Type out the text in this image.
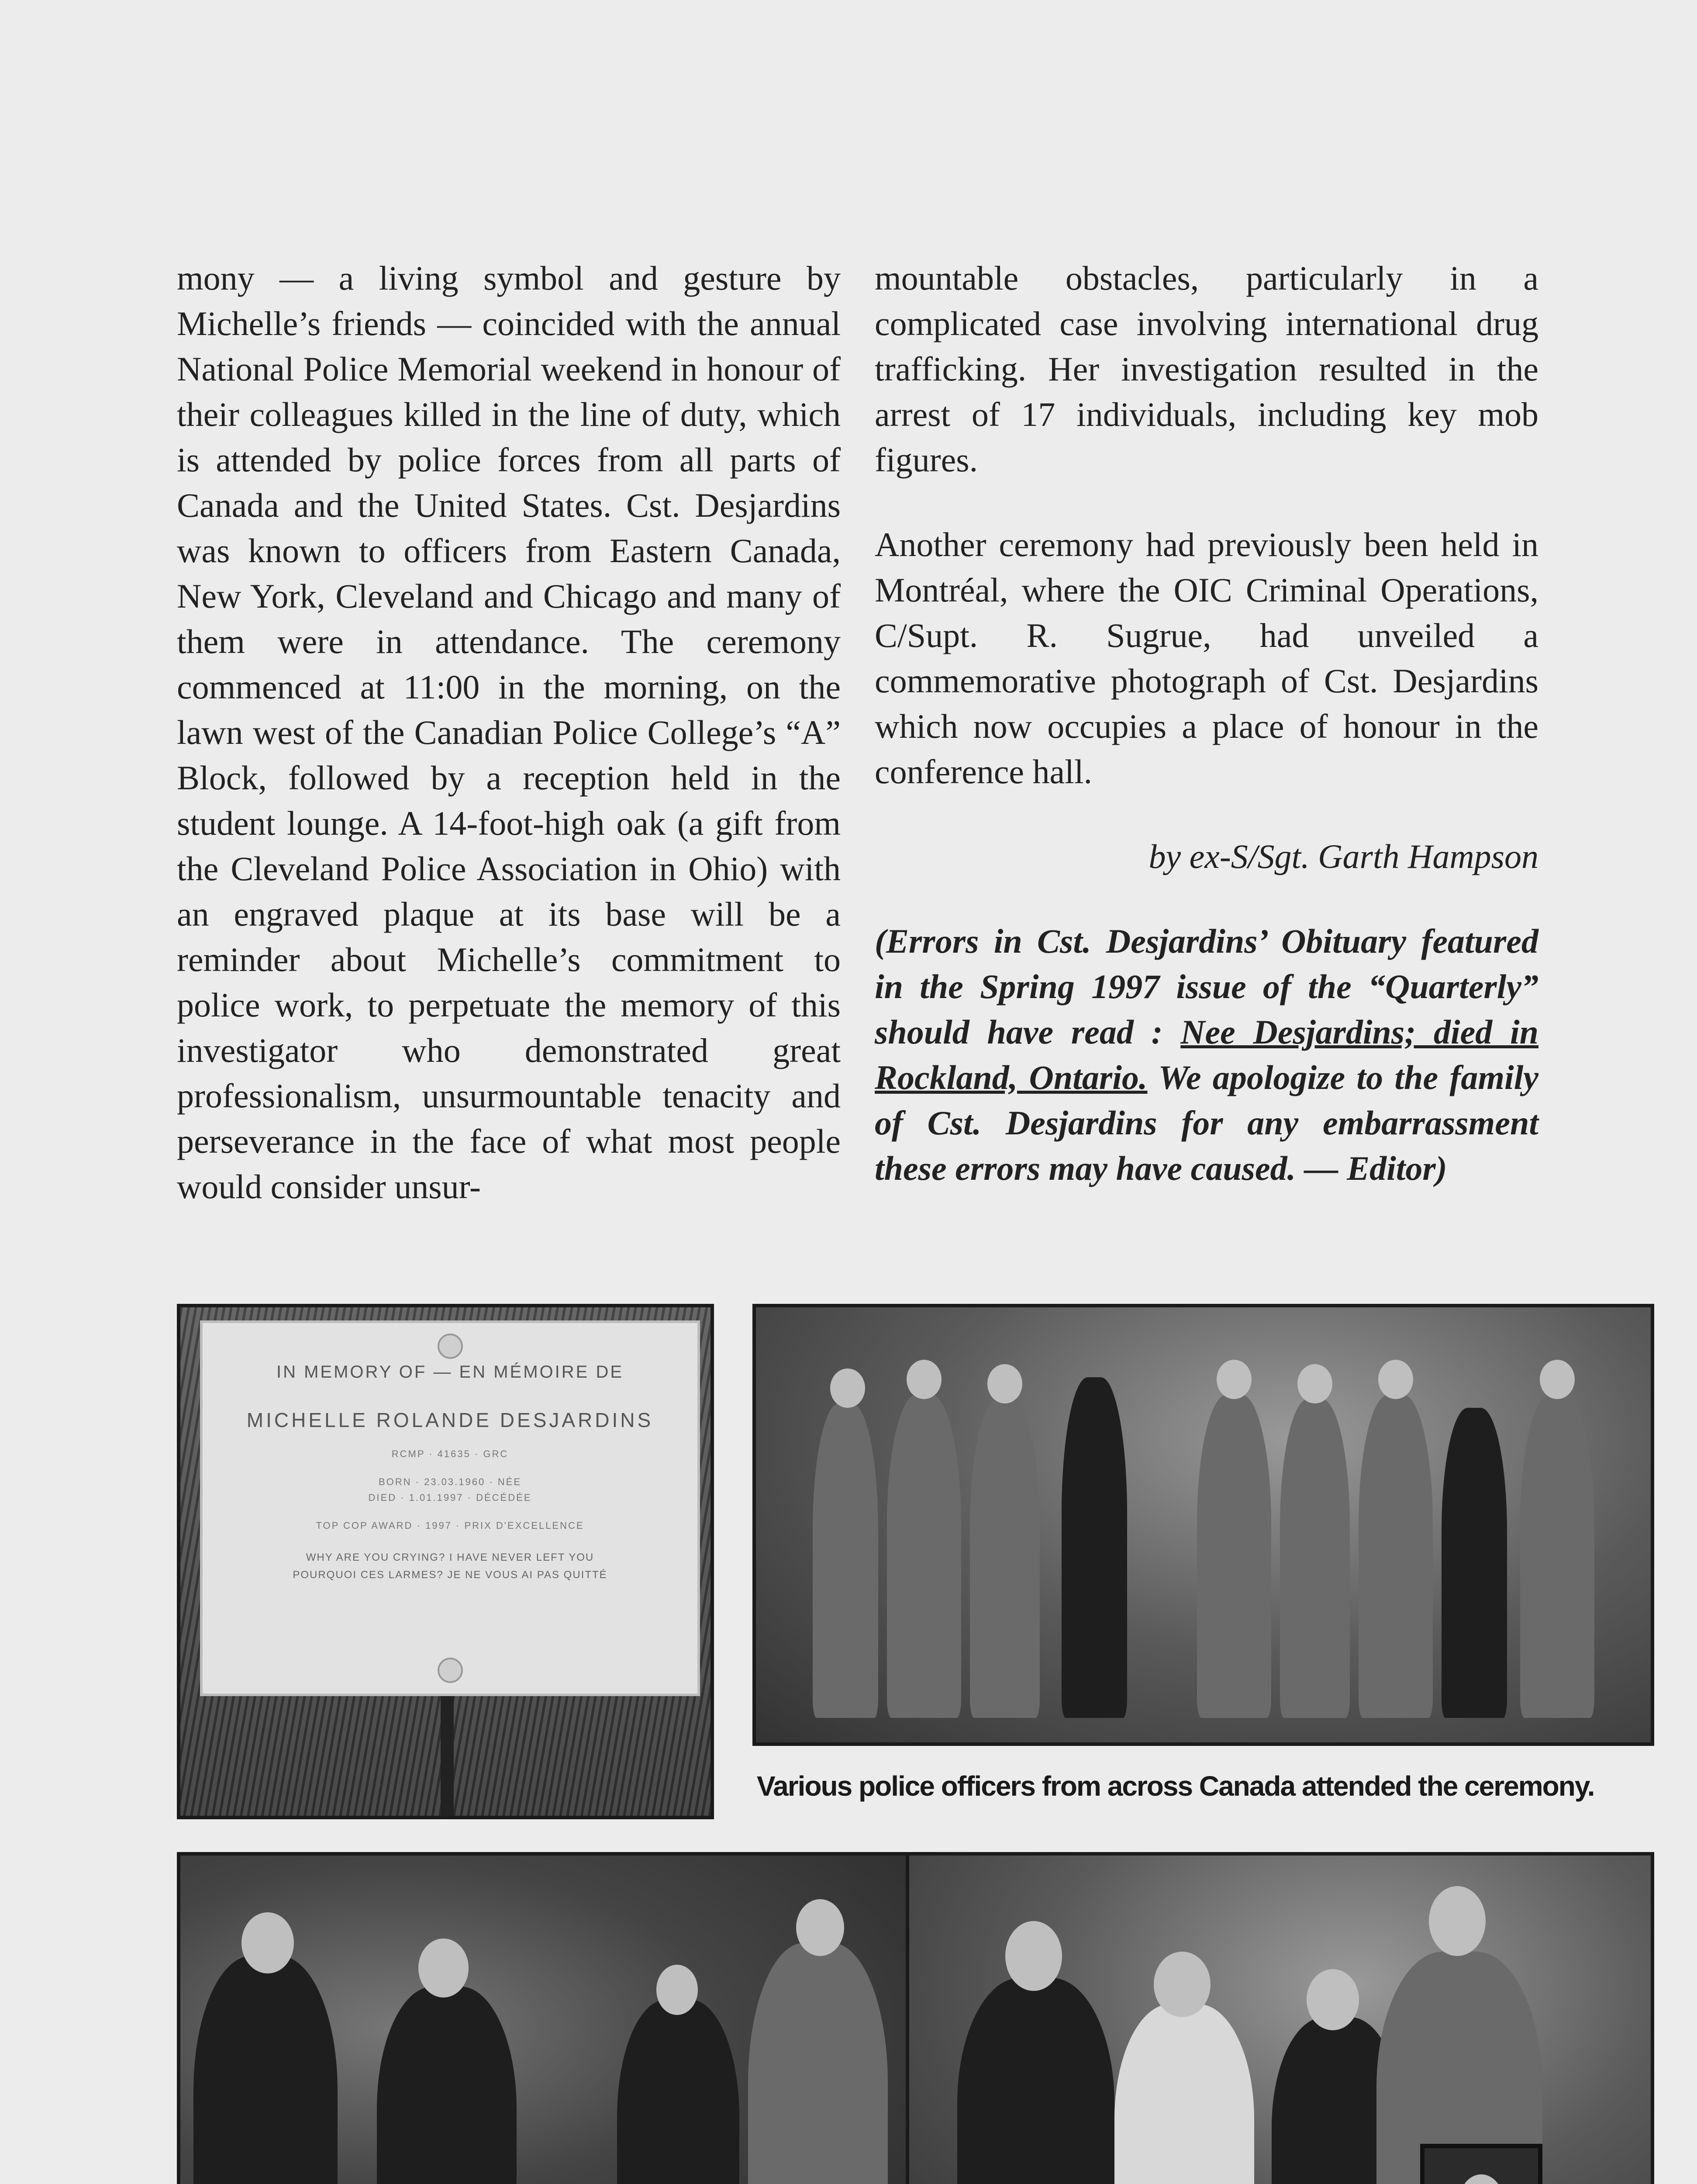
mony — a living symbol and gesture by Michelle’s friends — coincided with the annual National Police Memorial weekend in honour of their colleagues killed in the line of duty, which is attended by police forces from all parts of Canada and the United States. Cst. Desjardins was known to officers from Eastern Canada, New York, Cleveland and Chicago and many of them were in attendance. The ceremony commenced at 11:00 in the morning, on the lawn west of the Canadian Police College’s “A” Block, followed by a reception held in the student lounge. A 14-foot-high oak (a gift from the Cleveland Police Association in Ohio) with an engraved plaque at its base will be a reminder about Michelle’s commitment to police work, to perpetuate the memory of this investigator who demonstrated great professionalism, unsurmountable tenacity and perseverance in the face of what most people would consider unsur-

mountable obstacles, particularly in a complicated case involving international drug trafficking. Her investigation resulted in the arrest of 17 individuals, including key mob figures.

Another ceremony had previously been held in Montréal, where the OIC Criminal Operations, C/Supt. R. Sugrue, had unveiled a commemorative photograph of Cst. Desjardins which now occupies a place of honour in the conference hall.

by ex-S/Sgt. Garth Hampson
(Errors in Cst. Desjardins’ Obituary featured in the Spring 1997 issue of the “Quarterly” should have read : Nee Desjardins; died in Rockland, Ontario. We apologize to the family of Cst. Desjardins for any embarrassment these errors may have caused. — Editor)
IN MEMORY OF — EN MÉMOIRE DE
MICHELLE ROLANDE DESJARDINS
RCMP · 41635 · GRC
BORN · 23.03.1960 · NÉE
DIED · 1.01.1997 · DÉCÉDÉE
TOP COP AWARD · 1997 · PRIX D'EXCELLENCE
WHY ARE YOU CRYING? I HAVE NEVER LEFT YOU
POURQUOI CES LARMES? JE NE VOUS AI PAS QUITTÉ
Various police officers from across Canada attended the ceremony.
